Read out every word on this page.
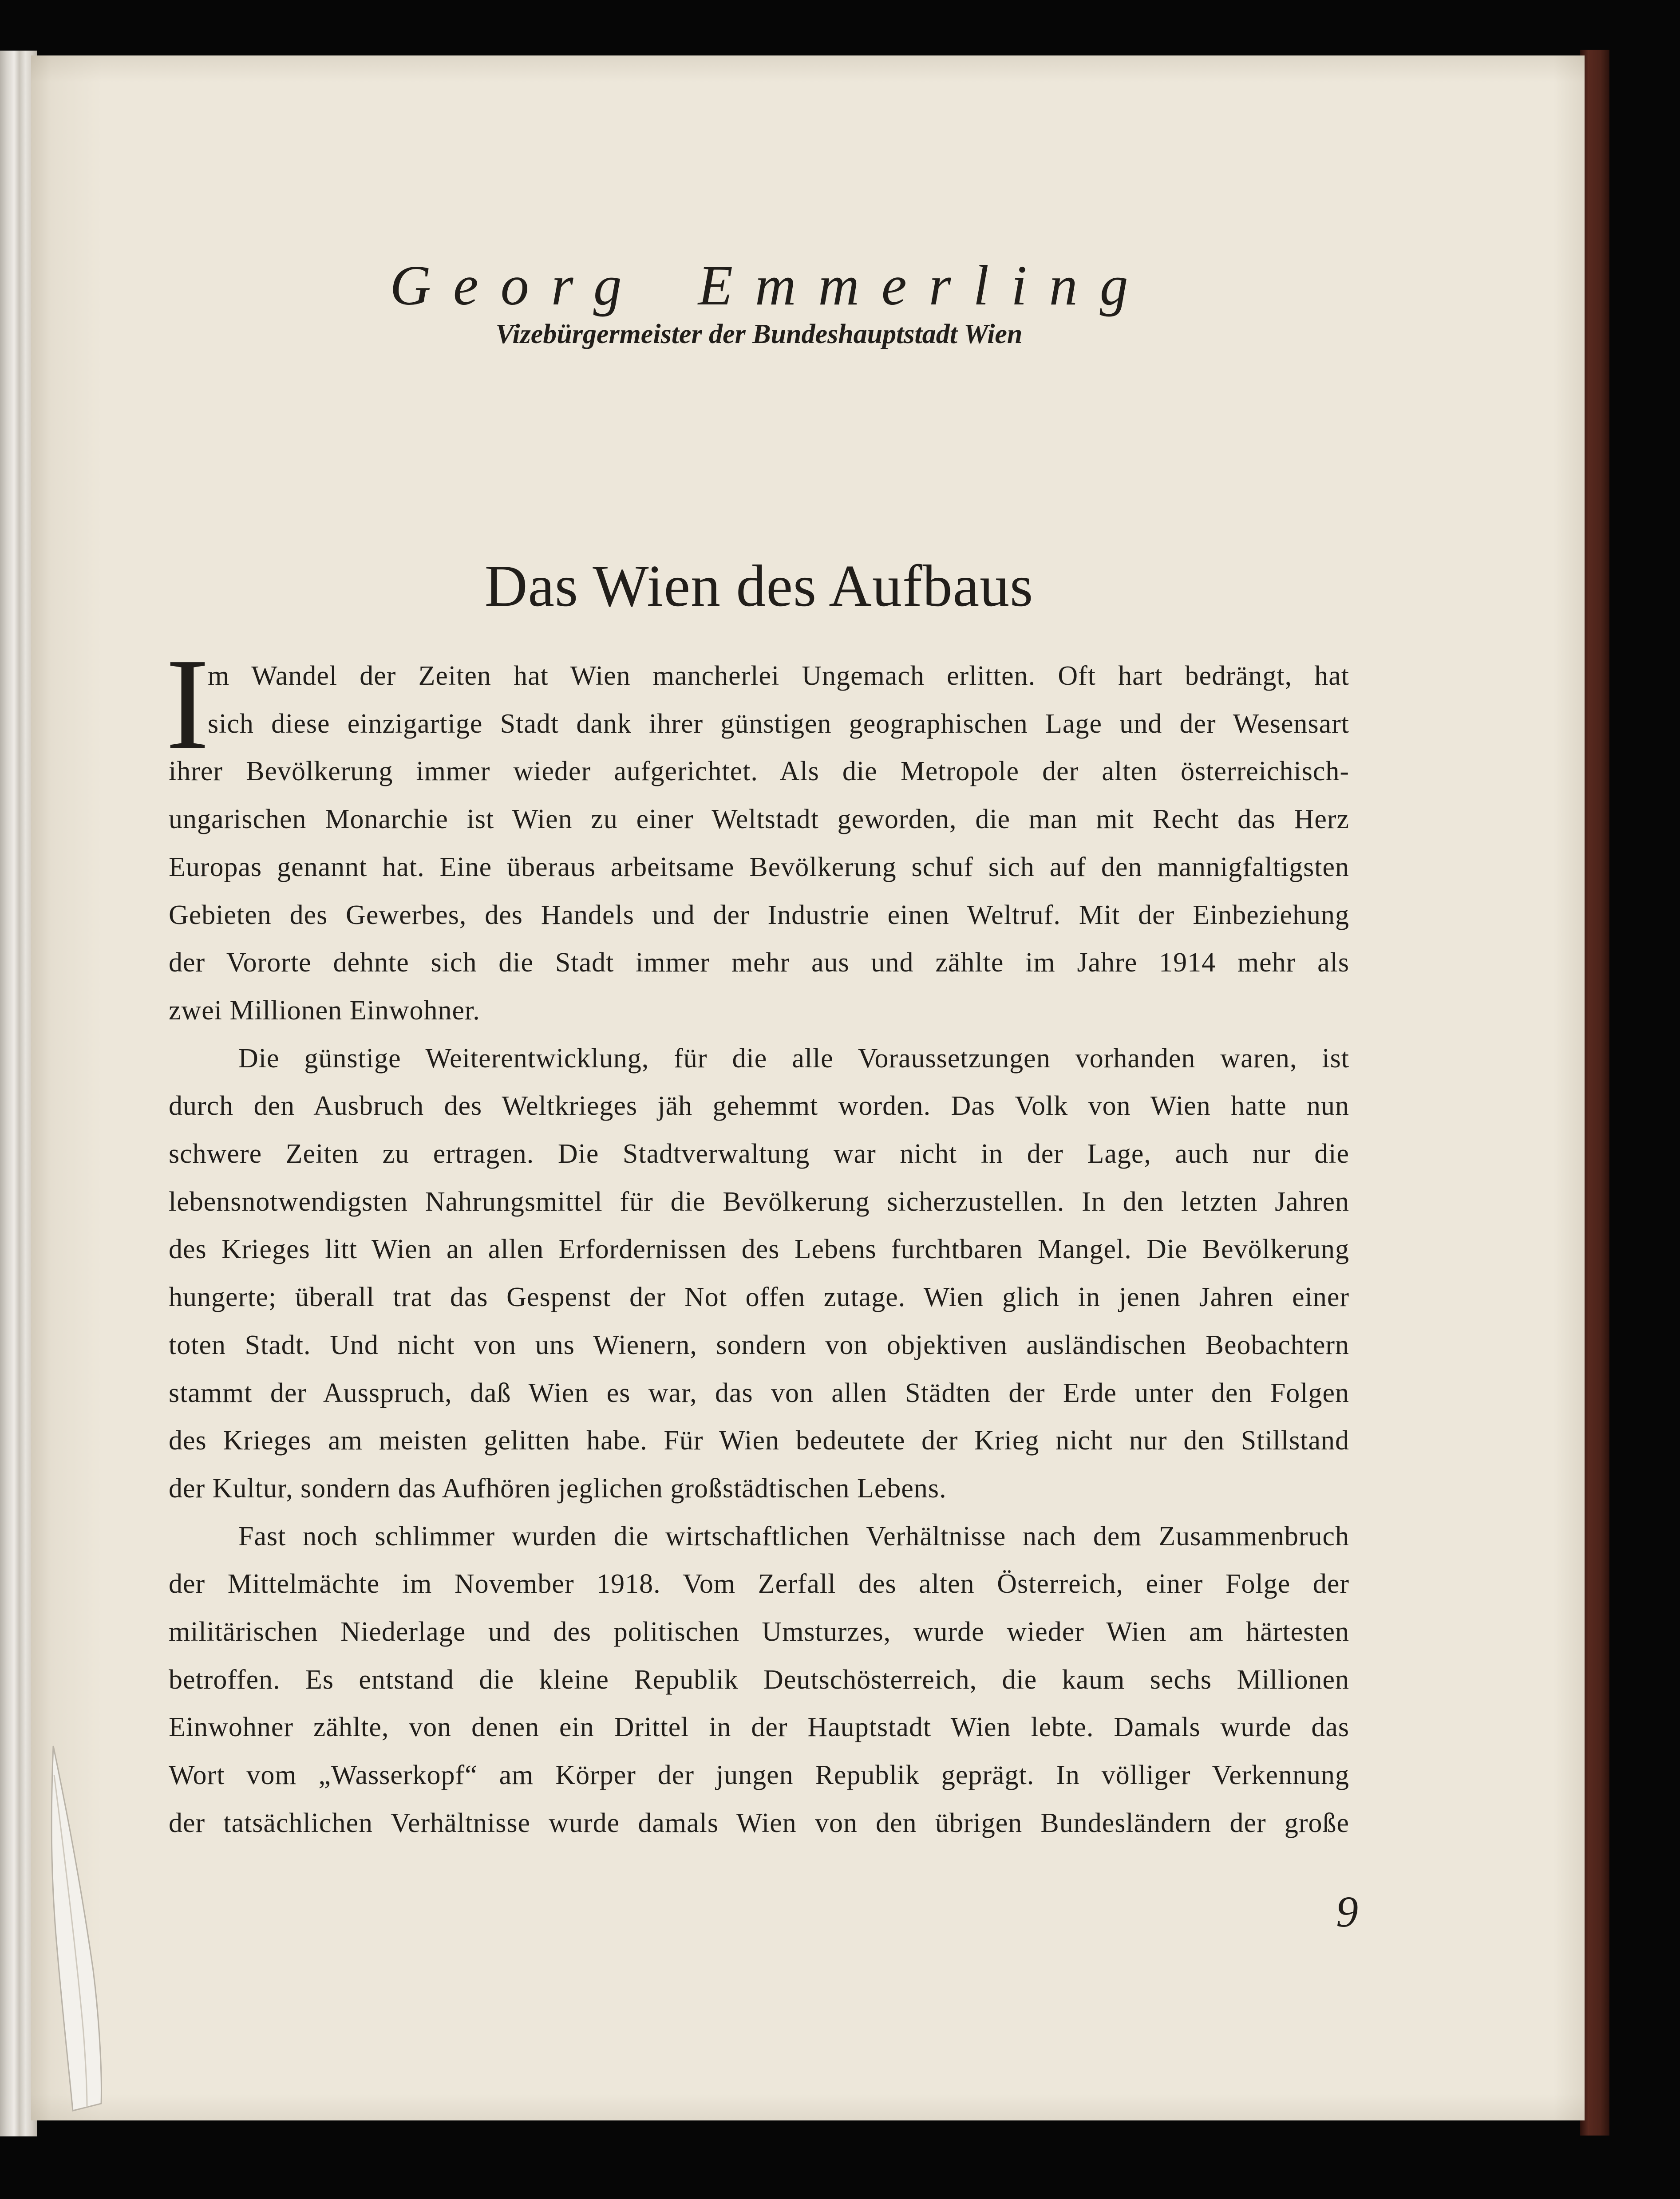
Georg Emmerling
Vizebürgermeister der Bundeshauptstadt Wien
Das Wien des Aufbaus
I
m Wandel der Zeiten hat Wien mancherlei Ungemach erlitten. Oft hart bedrängt, hat
sich diese einzigartige Stadt dank ihrer günstigen geographischen Lage und der Wesensart
ihrer Bevölkerung immer wieder aufgerichtet. Als die Metropole der alten österreichisch-
ungarischen Monarchie ist Wien zu einer Weltstadt geworden, die man mit Recht das Herz
Europas genannt hat. Eine überaus arbeitsame Bevölkerung schuf sich auf den mannigfaltigsten
Gebieten des Gewerbes, des Handels und der Industrie einen Weltruf. Mit der Einbeziehung
der Vororte dehnte sich die Stadt immer mehr aus und zählte im Jahre 1914 mehr als
zwei Millionen Einwohner.
Die günstige Weiterentwicklung, für die alle Voraussetzungen vorhanden waren, ist
durch den Ausbruch des Weltkrieges jäh gehemmt worden. Das Volk von Wien hatte nun
schwere Zeiten zu ertragen. Die Stadtverwaltung war nicht in der Lage, auch nur die
lebensnotwendigsten Nahrungsmittel für die Bevölkerung sicherzustellen. In den letzten Jahren
des Krieges litt Wien an allen Erfordernissen des Lebens furchtbaren Mangel. Die Bevölkerung
hungerte; überall trat das Gespenst der Not offen zutage. Wien glich in jenen Jahren einer
toten Stadt. Und nicht von uns Wienern, sondern von objektiven ausländischen Beobachtern
stammt der Ausspruch, daß Wien es war, das von allen Städten der Erde unter den Folgen
des Krieges am meisten gelitten habe. Für Wien bedeutete der Krieg nicht nur den Stillstand
der Kultur, sondern das Aufhören jeglichen großstädtischen Lebens.
Fast noch schlimmer wurden die wirtschaftlichen Verhältnisse nach dem Zusammenbruch
der Mittelmächte im November 1918. Vom Zerfall des alten Österreich, einer Folge der
militärischen Niederlage und des politischen Umsturzes, wurde wieder Wien am härtesten
betroffen. Es entstand die kleine Republik Deutschösterreich, die kaum sechs Millionen
Einwohner zählte, von denen ein Drittel in der Hauptstadt Wien lebte. Damals wurde das
Wort vom „Wasserkopf“ am Körper der jungen Republik geprägt. In völliger Verkennung
der tatsächlichen Verhältnisse wurde damals Wien von den übrigen Bundesländern der große
9
